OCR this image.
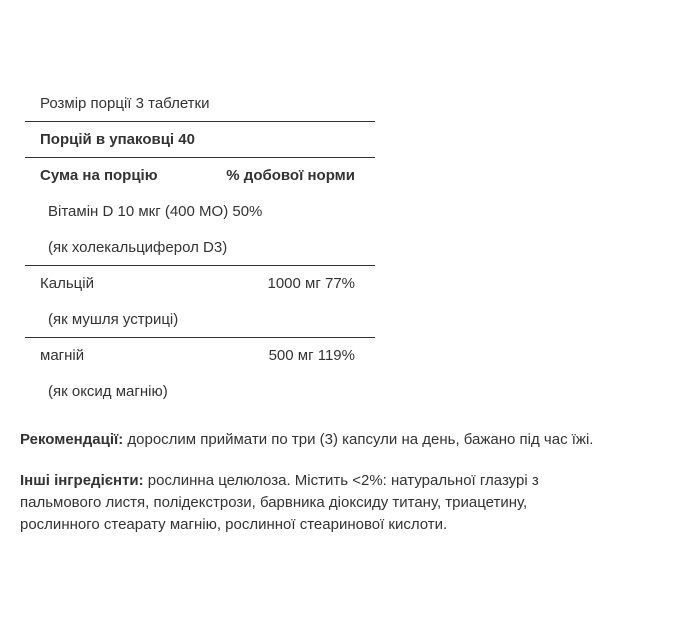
Розмір порції 3 таблетки
Порцій в упаковці 40
Сума на порцію	% добової норми
Вітамін D 10 мкг (400 МО) 50%
(як холекальциферол D3)
Кальцій	1000 мг 77%
(як мушля устриці)
магній	500 мг 119%
(як оксид магнію)
Рекомендації: дорослим приймати по три (3) капсули на день, бажано під час їжі.
Інші інгредієнти: рослинна целюлоза. Містить <2%: натуральної глазурі з
пальмового листя, полідекстрози, барвника діоксиду титану, триацетину,
рослинного стеарату магнію, рослинної стеаринової кислоти.
